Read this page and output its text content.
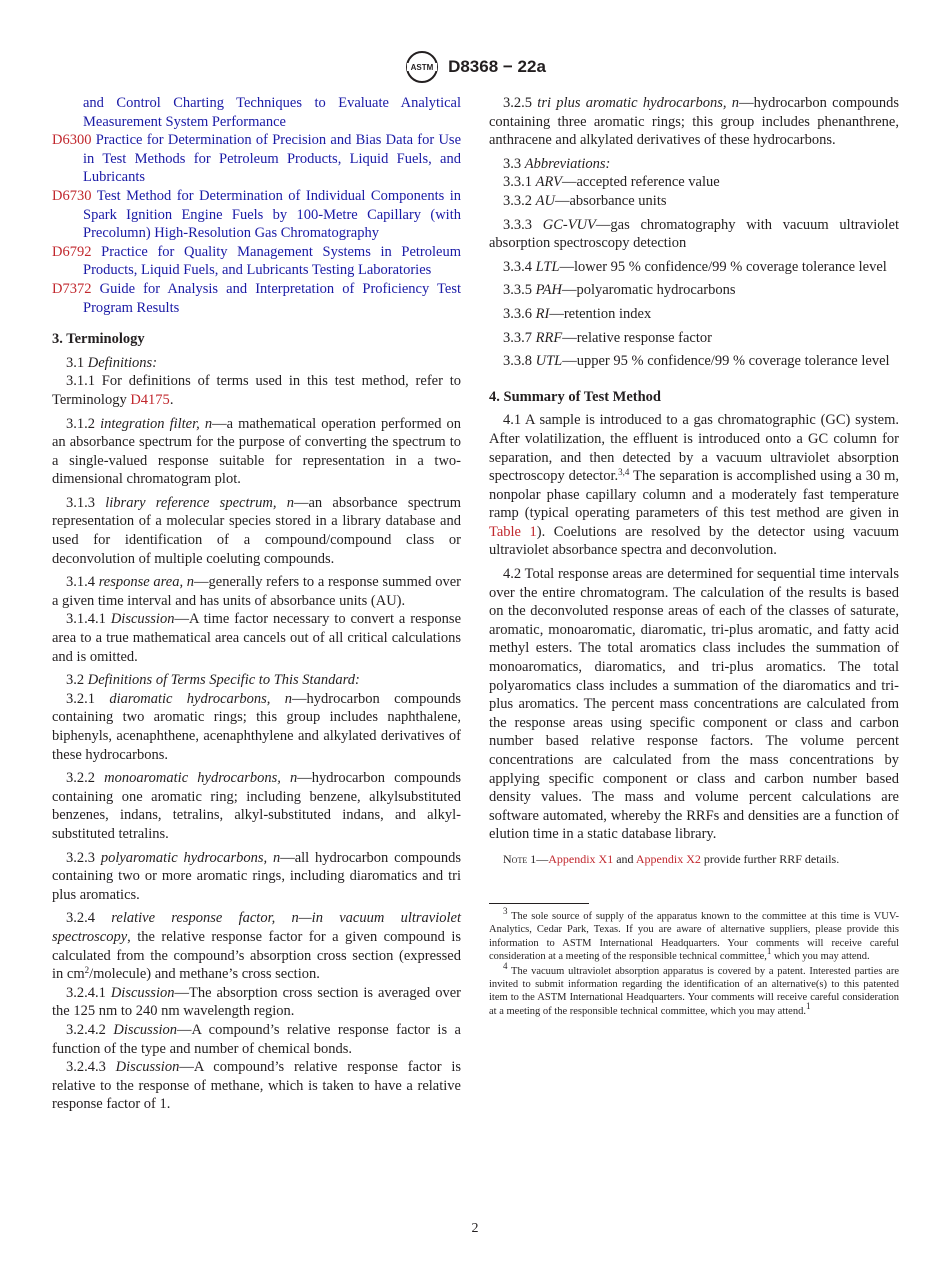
ASTM D8368 − 22a
and Control Charting Techniques to Evaluate Analytical Measurement System Performance
D6300 Practice for Determination of Precision and Bias Data for Use in Test Methods for Petroleum Products, Liquid Fuels, and Lubricants
D6730 Test Method for Determination of Individual Components in Spark Ignition Engine Fuels by 100-Metre Capillary (with Precolumn) High-Resolution Gas Chromatography
D6792 Practice for Quality Management Systems in Petroleum Products, Liquid Fuels, and Lubricants Testing Laboratories
D7372 Guide for Analysis and Interpretation of Proficiency Test Program Results
3. Terminology
3.1 Definitions:
3.1.1 For definitions of terms used in this test method, refer to Terminology D4175.
3.1.2 integration filter, n—a mathematical operation performed on an absorbance spectrum for the purpose of converting the spectrum to a single-valued response suitable for representation in a two-dimensional chromatogram plot.
3.1.3 library reference spectrum, n—an absorbance spectrum representation of a molecular species stored in a library database and used for identification of a compound/compound class or deconvolution of multiple coeluting compounds.
3.1.4 response area, n—generally refers to a response summed over a given time interval and has units of absorbance units (AU).
3.1.4.1 Discussion—A time factor necessary to convert a response area to a true mathematical area cancels out of all critical calculations and is omitted.
3.2 Definitions of Terms Specific to This Standard:
3.2.1 diaromatic hydrocarbons, n—hydrocarbon compounds containing two aromatic rings; this group includes naphthalene, biphenyls, acenaphthene, acenaphthylene and alkylated derivatives of these hydrocarbons.
3.2.2 monoaromatic hydrocarbons, n—hydrocarbon compounds containing one aromatic ring; including benzene, alkylsubstituted benzenes, indans, tetralins, alkyl-substituted indans, and alkyl-substituted tetralins.
3.2.3 polyaromatic hydrocarbons, n—all hydrocarbon compounds containing two or more aromatic rings, including diaromatics and tri plus aromatics.
3.2.4 relative response factor, n—in vacuum ultraviolet spectroscopy, the relative response factor for a given compound is calculated from the compound’s absorption cross section (expressed in $cm^2/molecule$) and methane’s cross section.
3.2.4.1 Discussion—The absorption cross section is averaged over the 125 nm to 240 nm wavelength region.
3.2.4.2 Discussion—A compound’s relative response factor is a function of the type and number of chemical bonds.
3.2.4.3 Discussion—A compound’s relative response factor is relative to the response of methane, which is taken to have a relative response factor of 1.
3.2.5 tri plus aromatic hydrocarbons, n—hydrocarbon compounds containing three aromatic rings; this group includes phenanthrene, anthracene and alkylated derivatives of these hydrocarbons.
3.3 Abbreviations:
3.3.1 ARV—accepted reference value
3.3.2 AU—absorbance units
3.3.3 GC-VUV—gas chromatography with vacuum ultraviolet absorption spectroscopy detection
3.3.4 LTL—lower 95 % confidence/99 % coverage tolerance level
3.3.5 PAH—polyaromatic hydrocarbons
3.3.6 RI—retention index
3.3.7 RRF—relative response factor
3.3.8 UTL—upper 95 % confidence/99 % coverage tolerance level
4. Summary of Test Method
4.1 A sample is introduced to a gas chromatographic (GC) system. After volatilization, the effluent is introduced onto a GC column for separation, and then detected by a vacuum ultraviolet absorption spectroscopy detector.$^{3,4}$ The separation is accomplished using a 30 m, nonpolar phase capillary column and a moderately fast temperature ramp (typical operating parameters of this test method are given in Table 1). Coelutions are resolved by the detector using vacuum ultraviolet absorbance spectra and deconvolution.
4.2 Total response areas are determined for sequential time intervals over the entire chromatogram. The calculation of the results is based on the deconvoluted response areas of each of the classes of saturate, aromatic, monoaromatic, diaromatic, tri-plus aromatic, and fatty acid methyl esters. The total aromatics class includes the summation of monoaromatics, diaromatics, and tri-plus aromatics. The total polyaromatics class includes a summation of the diaromatics and tri-plus aromatics. The percent mass concentrations are calculated from the response areas using specific component or class and carbon number based relative response factors. The volume percent concentrations are calculated from the mass concentrations by applying specific component or class and carbon number based density values. The mass and volume percent calculations are software automated, whereby the RRFs and densities are a function of elution time in a static database library.
Note 1—Appendix X1 and Appendix X2 provide further RRF details.
$^3$ The sole source of supply of the apparatus known to the committee at this time is VUV-Analytics, Cedar Park, Texas. If you are aware of alternative suppliers, please provide this information to ASTM International Headquarters. Your comments will receive careful consideration at a meeting of the responsible technical committee,$^1$ which you may attend.
$^4$ The vacuum ultraviolet absorption apparatus is covered by a patent. Interested parties are invited to submit information regarding the identification of an alternative(s) to this patented item to the ASTM International Headquarters. Your comments will receive careful consideration at a meeting of the responsible technical committee, which you may attend.$^1$
2
